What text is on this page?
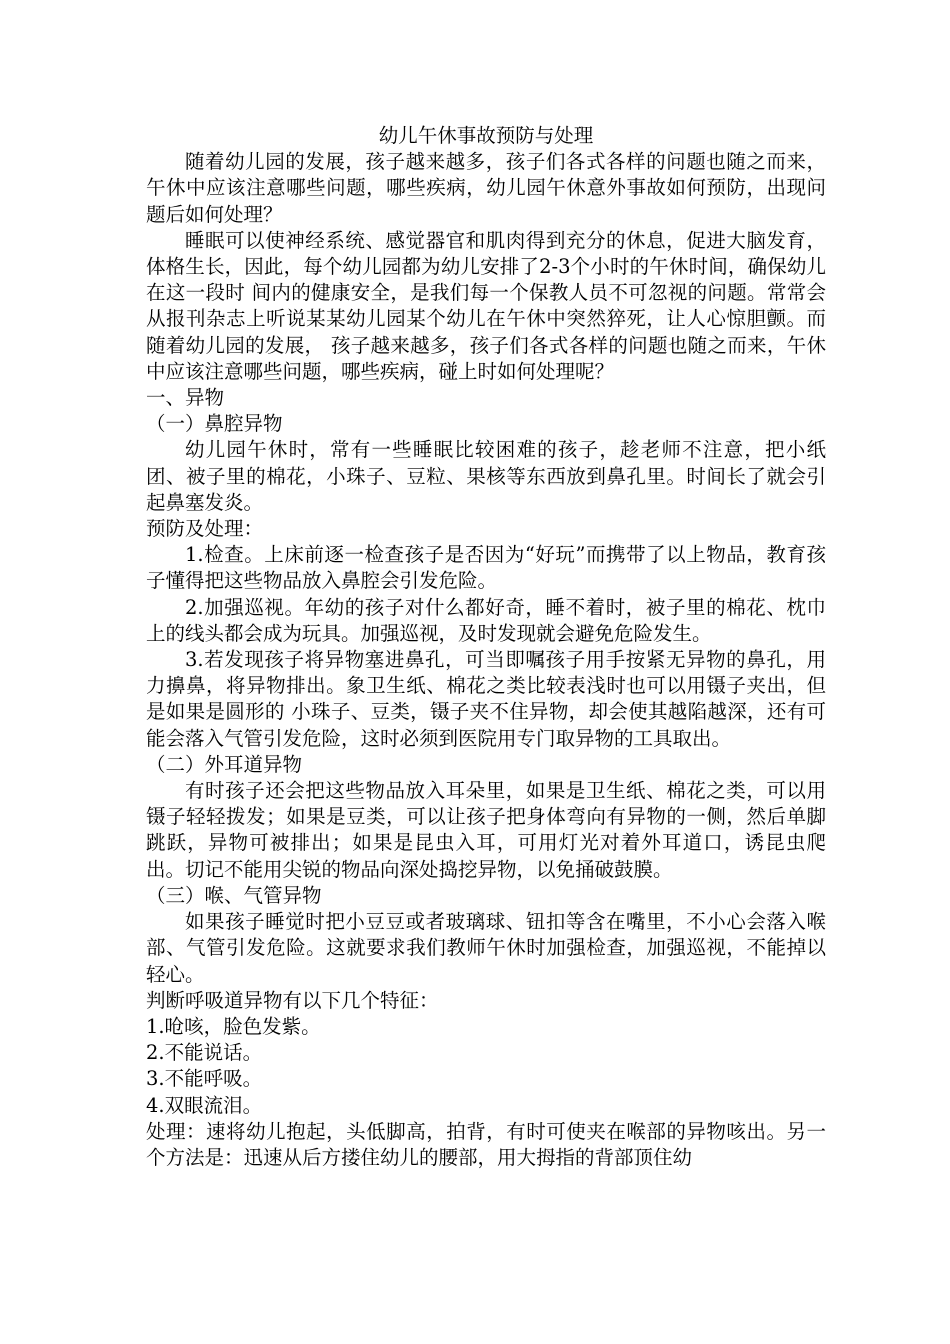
幼儿午休事故预防与处理

随着幼儿园的发展，孩子越来越多，孩子们各式各样的问题也随之而来，午休中应该注意哪些问题，哪些疾病，幼儿园午休意外事故如何预防，出现问题后如何处理？

睡眠可以使神经系统、感觉器官和肌肉得到充分的休息，促进大脑发育，体格生长，因此，每个幼儿园都为幼儿安排了2-3个小时的午休时间，确保幼儿在这一段时 间内的健康安全，是我们每一个保教人员不可忽视的问题。常常会从报刊杂志上听说某某幼儿园某个幼儿在午休中突然猝死，让人心惊胆颤。而随着幼儿园的发展， 孩子越来越多，孩子们各式各样的问题也随之而来，午休中应该注意哪些问题，哪些疾病，碰上时如何处理呢？

一、异物

（一）鼻腔异物

幼儿园午休时，常有一些睡眠比较困难的孩子，趁老师不注意，把小纸团、被子里的棉花，小珠子、豆粒、果核等东西放到鼻孔里。时间长了就会引起鼻塞发炎。

预防及处理：

1.检查。上床前逐一检查孩子是否因为“好玩”而携带了以上物品，教育孩子懂得把这些物品放入鼻腔会引发危险。

2.加强巡视。年幼的孩子对什么都好奇，睡不着时，被子里的棉花、枕巾上的线头都会成为玩具。加强巡视，及时发现就会避免危险发生。

3.若发现孩子将异物塞进鼻孔，可当即嘱孩子用手按紧无异物的鼻孔，用力擤鼻，将异物排出。象卫生纸、棉花之类比较表浅时也可以用镊子夹出，但是如果是圆形的 小珠子、豆类，镊子夹不住异物，却会使其越陷越深，还有可能会落入气管引发危险，这时必须到医院用专门取异物的工具取出。

（二）外耳道异物

有时孩子还会把这些物品放入耳朵里，如果是卫生纸、棉花之类，可以用镊子轻轻拨发；如果是豆类，可以让孩子把身体弯向有异物的一侧，然后单脚跳跃，异物可被排出；如果是昆虫入耳，可用灯光对着外耳道口，诱昆虫爬出。切记不能用尖锐的物品向深处捣挖异物，以免捅破鼓膜。

（三）喉、气管异物

如果孩子睡觉时把小豆豆或者玻璃球、钮扣等含在嘴里，不小心会落入喉部、气管引发危险。这就要求我们教师午休时加强检查，加强巡视，不能掉以轻心。

判断呼吸道异物有以下几个特征：

1.呛咳，脸色发紫。

2.不能说话。

3.不能呼吸。

4.双眼流泪。

处理：速将幼儿抱起，头低脚高，拍背，有时可使夹在喉部的异物咳出。另一个方法是：迅速从后方搂住幼儿的腰部，用大拇指的背部顶住幼
